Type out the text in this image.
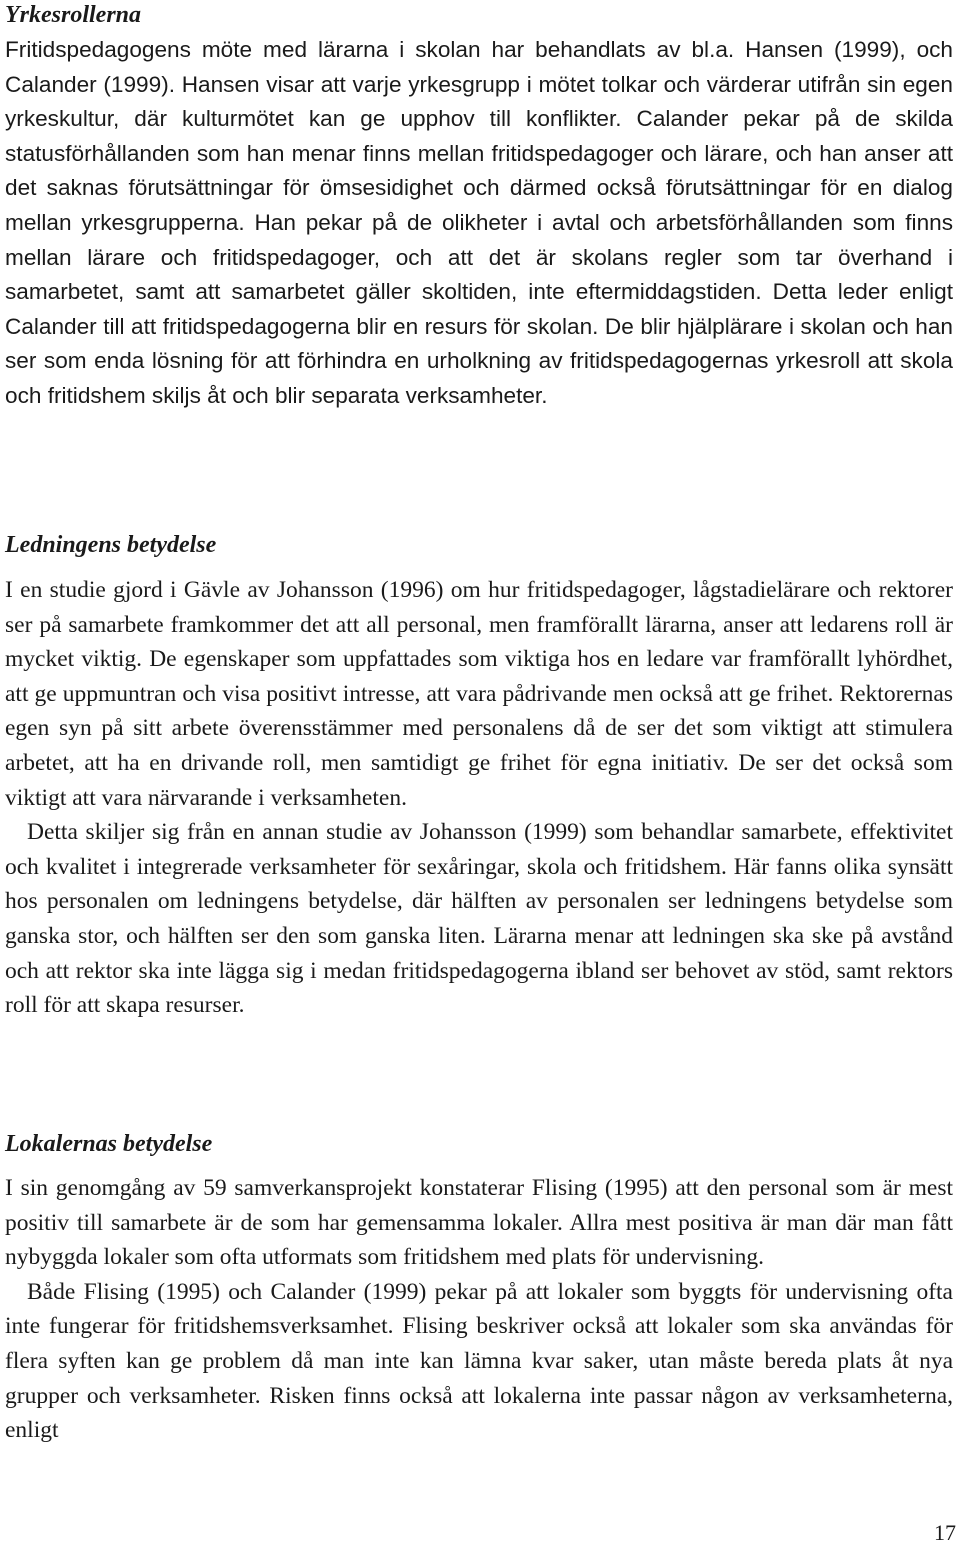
Yrkesrollerna

Fritidspedagogens möte med lärarna i skolan har behandlats av bl.a. Hansen (1999), och Calander (1999). Hansen visar att varje yrkesgrupp i mötet tolkar och värderar utifrån sin egen yrkeskultur, där kulturmötet kan ge upphov till konflikter. Calander pekar på de skilda statusförhållanden som han menar finns mellan fritidspedagoger och lärare, och han anser att det saknas förutsättningar för ömsesidighet och därmed också förutsättningar för en dialog mellan yrkesgrupperna. Han pekar på de olikheter i avtal och arbetsförhållanden som finns mellan lärare och fritidspedagoger, och att det är skolans regler som tar överhand i samarbetet, samt att samarbetet gäller skoltiden, inte eftermiddagstiden. Detta leder enligt Calander till att fritidspedagogerna blir en resurs för skolan. De blir hjälplärare i skolan och han ser som enda lösning för att förhindra en urholkning av fritidspedagogernas yrkesroll att skola och fritidshem skiljs åt och blir separata verksamheter.

Ledningens betydelse

I en studie gjord i Gävle av Johansson (1996) om hur fritidspedagoger, lågstadielärare och rektorer ser på samarbete framkommer det att all personal, men framförallt lärarna, anser att ledarens roll är mycket viktig. De egenskaper som uppfattades som viktiga hos en ledare var framförallt lyhördhet, att ge uppmuntran och visa positivt intresse, att vara pådrivande men också att ge frihet. Rektorernas egen syn på sitt arbete överensstämmer med personalens då de ser det som viktigt att stimulera arbetet, att ha en drivande roll, men samtidigt ge frihet för egna initiativ. De ser det också som viktigt att vara närvarande i verksamheten.

Detta skiljer sig från en annan studie av Johansson (1999) som behandlar samarbete, effektivitet och kvalitet i integrerade verksamheter för sexåringar, skola och fritidshem. Här fanns olika synsätt hos personalen om ledningens betydelse, där hälften av personalen ser ledningens betydelse som ganska stor, och hälften ser den som ganska liten. Lärarna menar att ledningen ska ske på avstånd och att rektor ska inte lägga sig i medan fritidspedagogerna ibland ser behovet av stöd, samt rektors roll för att skapa resurser.

Lokalernas betydelse

I sin genomgång av 59 samverkansprojekt konstaterar Flising (1995) att den personal som är mest positiv till samarbete är de som har gemensamma lokaler. Allra mest positiva är man där man fått nybyggda lokaler som ofta utformats som fritidshem med plats för undervisning.

Både Flising (1995) och Calander (1999) pekar på att lokaler som byggts för undervisning ofta inte fungerar för fritidshemsverksamhet. Flising beskriver också att lokaler som ska användas för flera syften kan ge problem då man inte kan lämna kvar saker, utan måste bereda plats åt nya grupper och verksamheter. Risken finns också att lokalerna inte passar någon av verksamheterna, enligt

17
